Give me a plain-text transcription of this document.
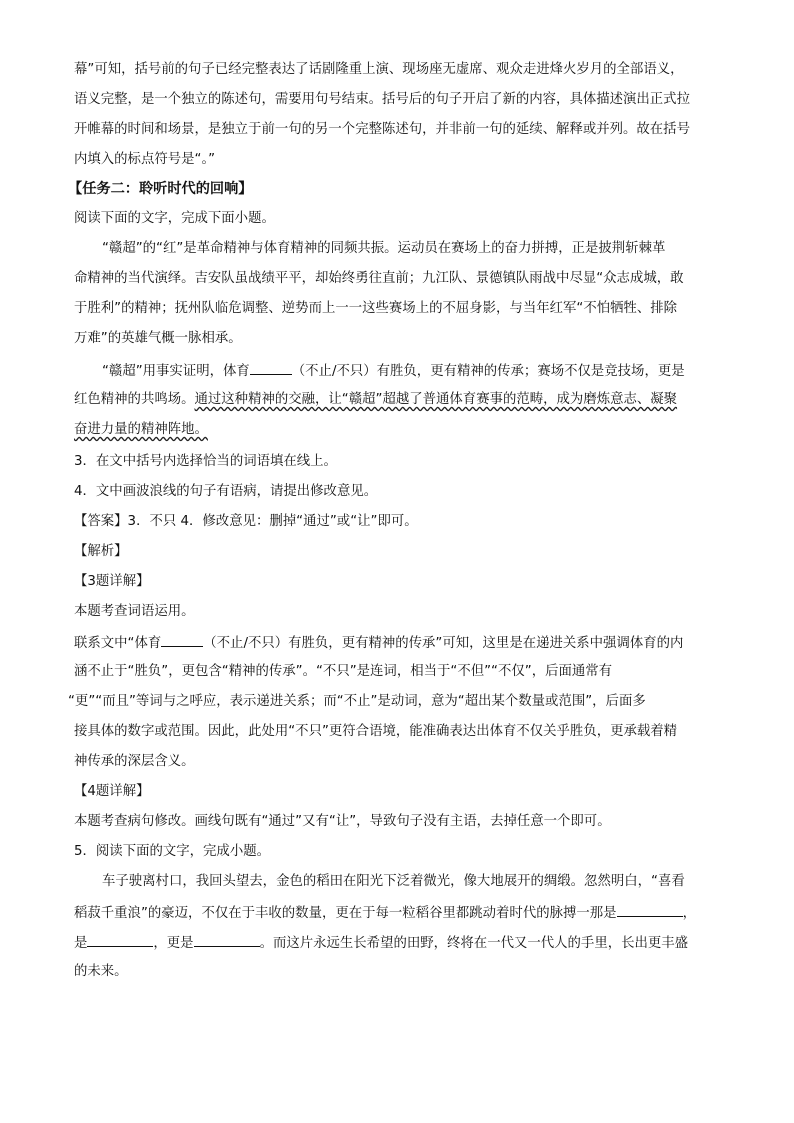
幕”可知，括号前的句子已经完整表达了话剧隆重上演、现场座无虚席、观众走进烽火岁月的全部语义，
语义完整，是一个独立的陈述句，需要用句号结束。括号后的句子开启了新的内容，具体描述演出正式拉
开帷幕的时间和场景，是独立于前一句的另一个完整陈述句，并非前一句的延续、解释或并列。故在括号
内填入的标点符号是“。”
【任务二：聆听时代的回响】
阅读下面的文字，完成下面小题。
“赣超”的“红”是革命精神与体育精神的同频共振。运动员在赛场上的奋力拼搏，正是披荆斩棘革
命精神的当代演绎。吉安队虽战绩平平，却始终勇往直前；九江队、景德镇队雨战中尽显“众志成城，敢
于胜利”的精神；抚州队临危调整、逆势而上一一这些赛场上的不屈身影，与当年红军“不怕牺牲、排除
万难”的英雄气概一脉相承。
“赣超”用事实证明，体育	（不止/不只）有胜负，更有精神的传承；赛场不仅是竞技场，更是
红色精神的共鸣场。通过这种精神的交融，让“赣超”超越了普通体育赛事的范畴，成为磨炼意志、凝聚
奋进力量的精神阵地。
3．在文中括号内选择恰当的词语填在线上。
4．文中画波浪线的句子有语病，请提出修改意见。
【答案】3．不只 4．修改意见：删掉“通过”或“让”即可。
【解析】
【3题详解】
本题考查词语运用。
联系文中“体育	（不止/不只）有胜负，更有精神的传承”可知，这里是在递进关系中强调体育的内
涵不止于“胜负”，更包含“精神的传承”。“不只”是连词，相当于“不但”“不仅”，后面通常有
“更”“而且”等词与之呼应，表示递进关系；而“不止”是动词，意为“超出某个数量或范围”，后面多
接具体的数字或范围。因此，此处用“不只”更符合语境，能准确表达出体育不仅关乎胜负，更承载着精
神传承的深层含义。
【4题详解】
本题考查病句修改。画线句既有“通过”又有“让”，导致句子没有主语，去掉任意一个即可。
5．阅读下面的文字，完成小题。
车子驶离村口，我回头望去，金色的稻田在阳光下泛着微光，像大地展开的绸缎。忽然明白，“喜看
稻菽千重浪”的豪迈，不仅在于丰收的数量，更在于每一粒稻谷里都跳动着时代的脉搏一那是	，
是	，更是	。而这片永远生长希望的田野，终将在一代又一代人的手里，长出更丰盛
的未来。
